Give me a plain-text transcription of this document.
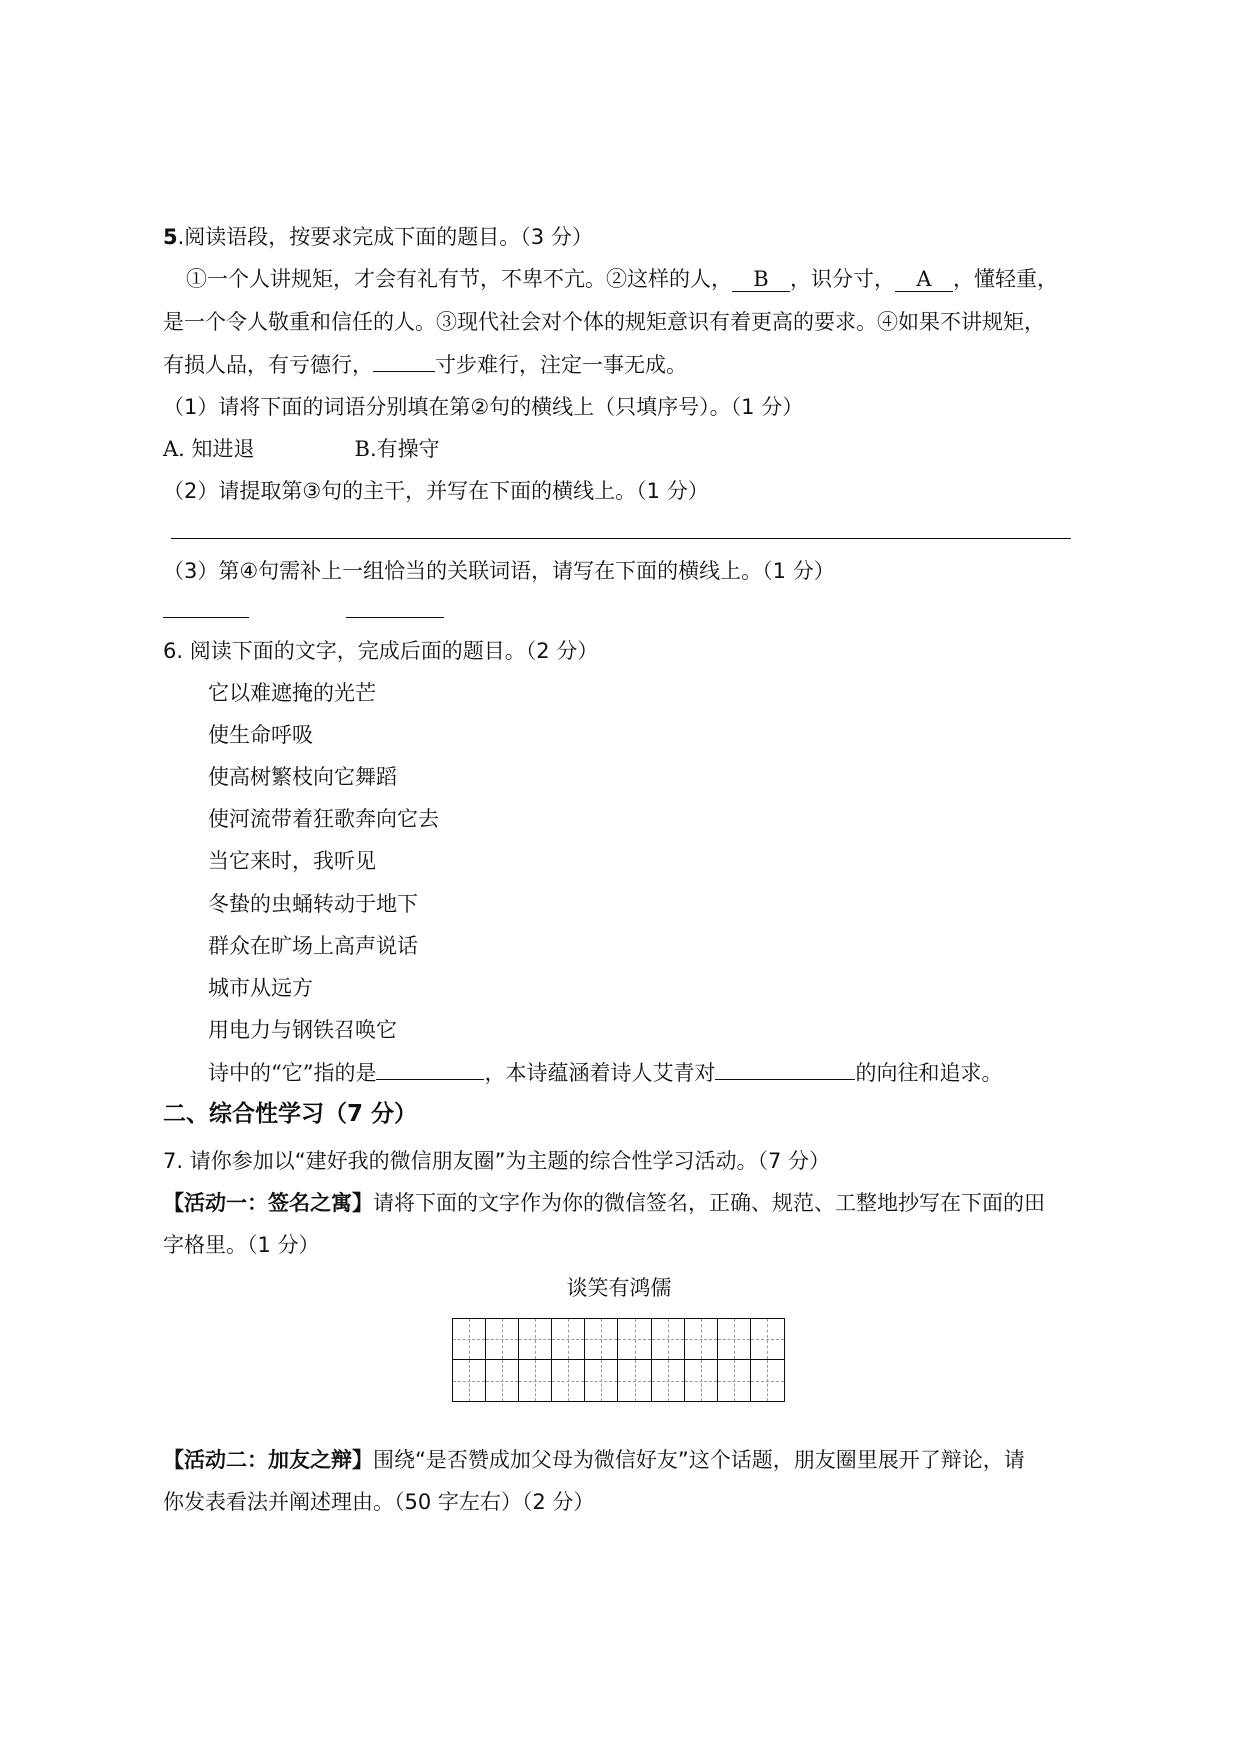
5.阅读语段，按要求完成下面的题目。（3 分）
①一个人讲规矩，才会有礼有节，不卑不亢。②这样的人， B ，识分寸， A ，懂轻重，
是一个令人敬重和信任的人。③现代社会对个体的规矩意识有着更高的要求。④如果不讲规矩，
有损人品，有亏德行，	寸步难行，注定一事无成。
（1）请将下面的词语分别填在第②句的横线上（只填序号）。（1 分）
A. 知进退	B.有操守
（2）请提取第③句的主干，并写在下面的横线上。（1 分）
（3）第④句需补上一组恰当的关联词语，请写在下面的横线上。（1 分）
6. 阅读下面的文字，完成后面的题目。（2 分）
它以难遮掩的光芒
使生命呼吸
使高树繁枝向它舞蹈
使河流带着狂歌奔向它去
当它来时，我听见
冬蛰的虫蛹转动于地下
群众在旷场上高声说话
城市从远方
用电力与钢铁召唤它
诗中的“它”指的是	，本诗蕴涵着诗人艾青对	的向往和追求。
二、综合性学习（7 分）
7. 请你参加以“建好我的微信朋友圈”为主题的综合性学习活动。（7 分）
【活动一：签名之寓】请将下面的文字作为你的微信签名，正确、规范、工整地抄写在下面的田
字格里。（1 分）
谈笑有鸿儒
【活动二：加友之辩】围绕“是否赞成加父母为微信好友”这个话题，朋友圈里展开了辩论，请
你发表看法并阐述理由。（50 字左右）（2 分）
